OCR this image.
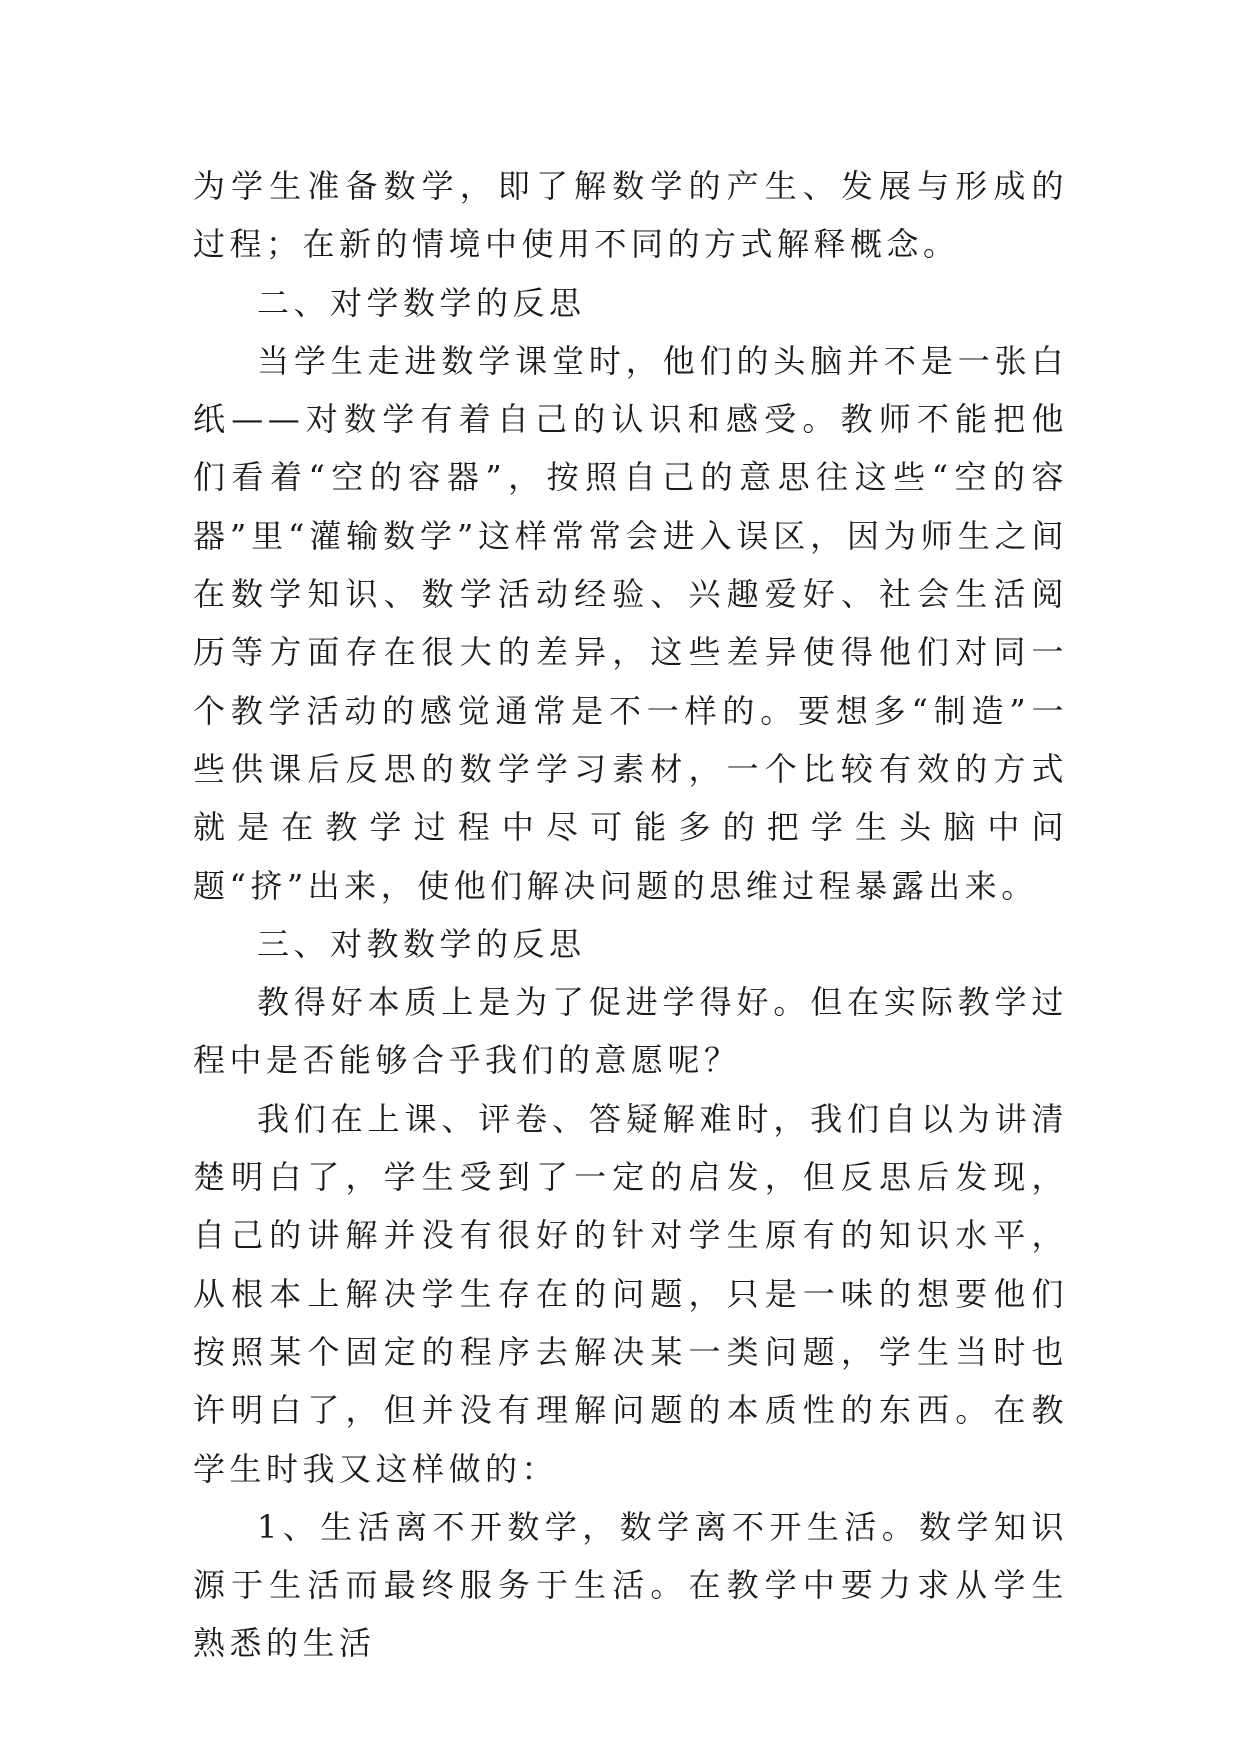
为学生准备数学，即了解数学的产生、发展与形成的过程；在新的情境中使用不同的方式解释概念。

二、对学数学的反思

当学生走进数学课堂时，他们的头脑并不是一张白纸——对数学有着自己的认识和感受。教师不能把他们看着“空的容器”，按照自己的意思往这些“空的容器”里“灌输数学”这样常常会进入误区，因为师生之间在数学知识、数学活动经验、兴趣爱好、社会生活阅历等方面存在很大的差异，这些差异使得他们对同一个教学活动的感觉通常是不一样的。要想多“制造”一些供课后反思的数学学习素材，一个比较有效的方式就是在教学过程中尽可能多的把学生头脑中问题“挤”出来，使他们解决问题的思维过程暴露出来。

三、对教数学的反思

教得好本质上是为了促进学得好。但在实际教学过程中是否能够合乎我们的意愿呢？

我们在上课、评卷、答疑解难时，我们自以为讲清楚明白了，学生受到了一定的启发，但反思后发现，自己的讲解并没有很好的针对学生原有的知识水平，从根本上解决学生存在的问题，只是一味的想要他们按照某个固定的程序去解决某一类问题，学生当时也许明白了，但并没有理解问题的本质性的东西。在教学生时我又这样做的：

1、生活离不开数学，数学离不开生活。数学知识源于生活而最终服务于生活。在教学中要力求从学生熟悉的生活
